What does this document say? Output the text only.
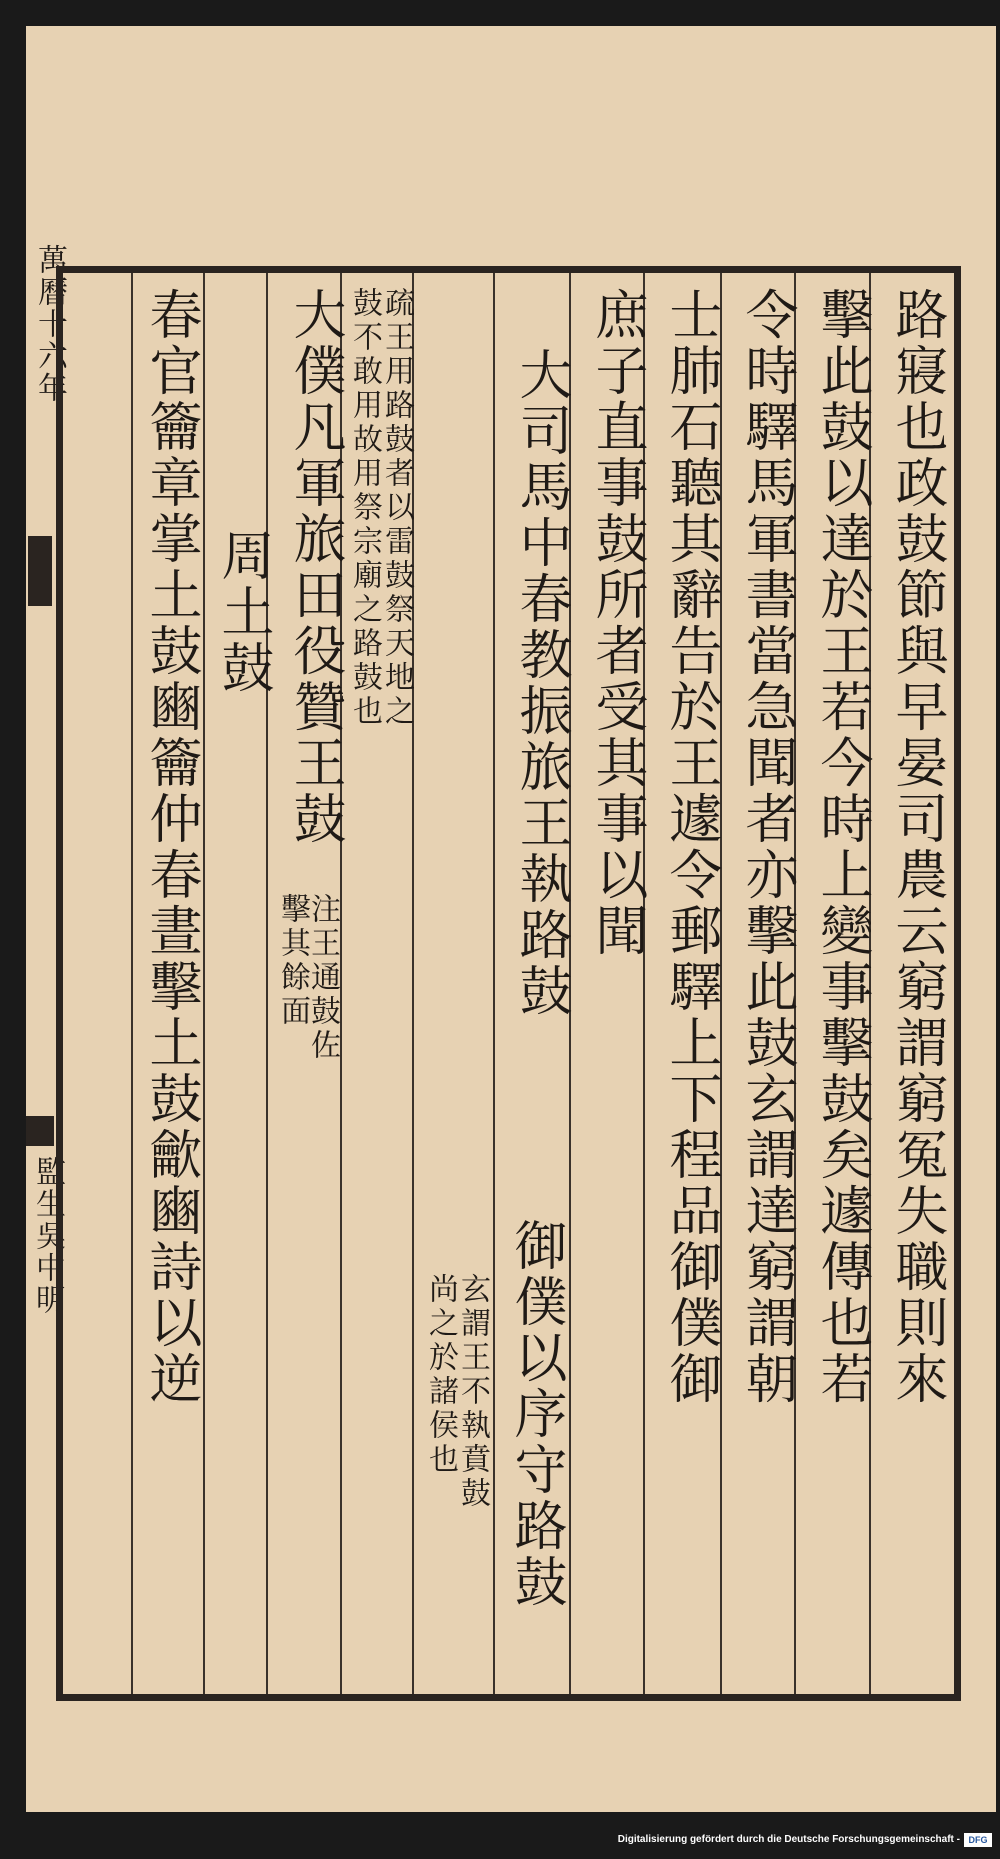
萬曆十六年
監生吳中明	路寢也政鼓節與早晏司農云窮謂窮冤失職則來
擊此鼓以達於王若今時上變事擊鼓矣遽傳也若
令時驛馬軍書當急聞者亦擊此鼓玄謂達窮謂朝
士肺石聽其辭告於王遽令郵驛上下程品御僕御
庶子直事鼓所者受其事以聞
御僕以序守路鼓
大司馬中春教振旅王執路鼓
玄謂王不執賁鼓
尚之於諸侯也
疏王用路鼓者以雷鼓祭天地之
鼓不敢用故用祭宗廟之路鼓也
大僕凡軍旅田役贊王鼓
注王通鼓佐
擊其餘面
周土鼓
春官籥章掌土鼓豳籥仲春晝擊土鼓龡豳詩以逆
Digitalisierung gefördert durch die Deutsche Forschungsgemeinschaft - DFG
